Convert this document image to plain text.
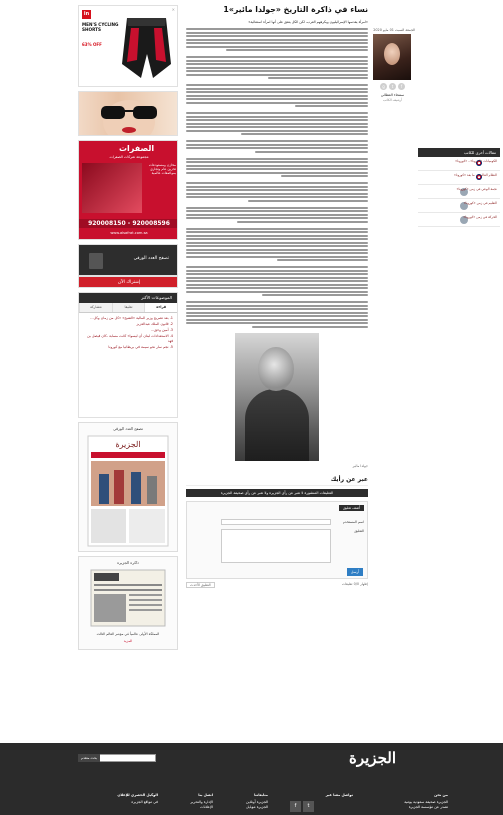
in
✕
MEN'S CYCLING SHORTS
63% OFF
الصفرات
مجموعة شركات الصفرات
مخازن ومستودعات تخزين عام وتجاري بمواصفات عالمية
920008150 - 920008596
www.alsafrat.com.sa
تصفح العدد الورقي
إشتراك الآن
الموضوعات الأكثر
مشاركة	تعليقا	قراءة
1. بعد تصريح وزير المالية «الشيخ» «كل من زمان وكل...
2. قانون الملك عبدالعزيز
3. أمين وحق...
4. الاستعدادات لبنان أن ليسوا» كانت مسابة -كان فيصل بن فهد
5. نجم سار نحو سيمة في بريطانيا مع كورونا
تصفح العدد الورقي
الجزيرة
ذاكرة الجزيرة
المملكة الأولى عالمياً في مؤشر العالم الثالث
المزيد
نساء في ذاكرة التاريخ «جولدا مائير»1
«امرأة يقدسها الإسرائيليون ويكرههم العرب، لكن الكل يتفق على أنها امرأة استثنائية»
جولدا مائير
عبر عن رأيك
التعليقات المنشورة لا تعبر عن رأي الجزيرة ولا تعبر عن رأي صحيفة الجزيرة
أضف تعليق
اسم المستخدم
التعليق
أرسل
التعليق الأحدث	إظهار 0/0 تعليقات
الجمعة السبت 01 مايو 2020
g	t	f
سمحاء العطائي
أرشيف الكاتب
مقالات أخرى للكاتب
الكوميانات «كورونا».. «كورونا»
النظام العالمي.. ما بعد «كورونا»
نجمة الوعي في زمن «كورونا»
التعليم في زمن «كورونا»
الحركة في زمن «كورونا»
الجزيرة
بحث متقدم
من نحن
الجزيرة صحيفة سعودية يومية
تصدر عن مؤسسة الجزيرة
تواصل معنا عبر
f	t
متابعاتنا
الجزيرة أونلاين
الجزيرة موبايل
اتصل بنا
الإدارة والتحرير
الإعلانات
الوكيل الحصري للإعلان
في مواقع الجزيرة
